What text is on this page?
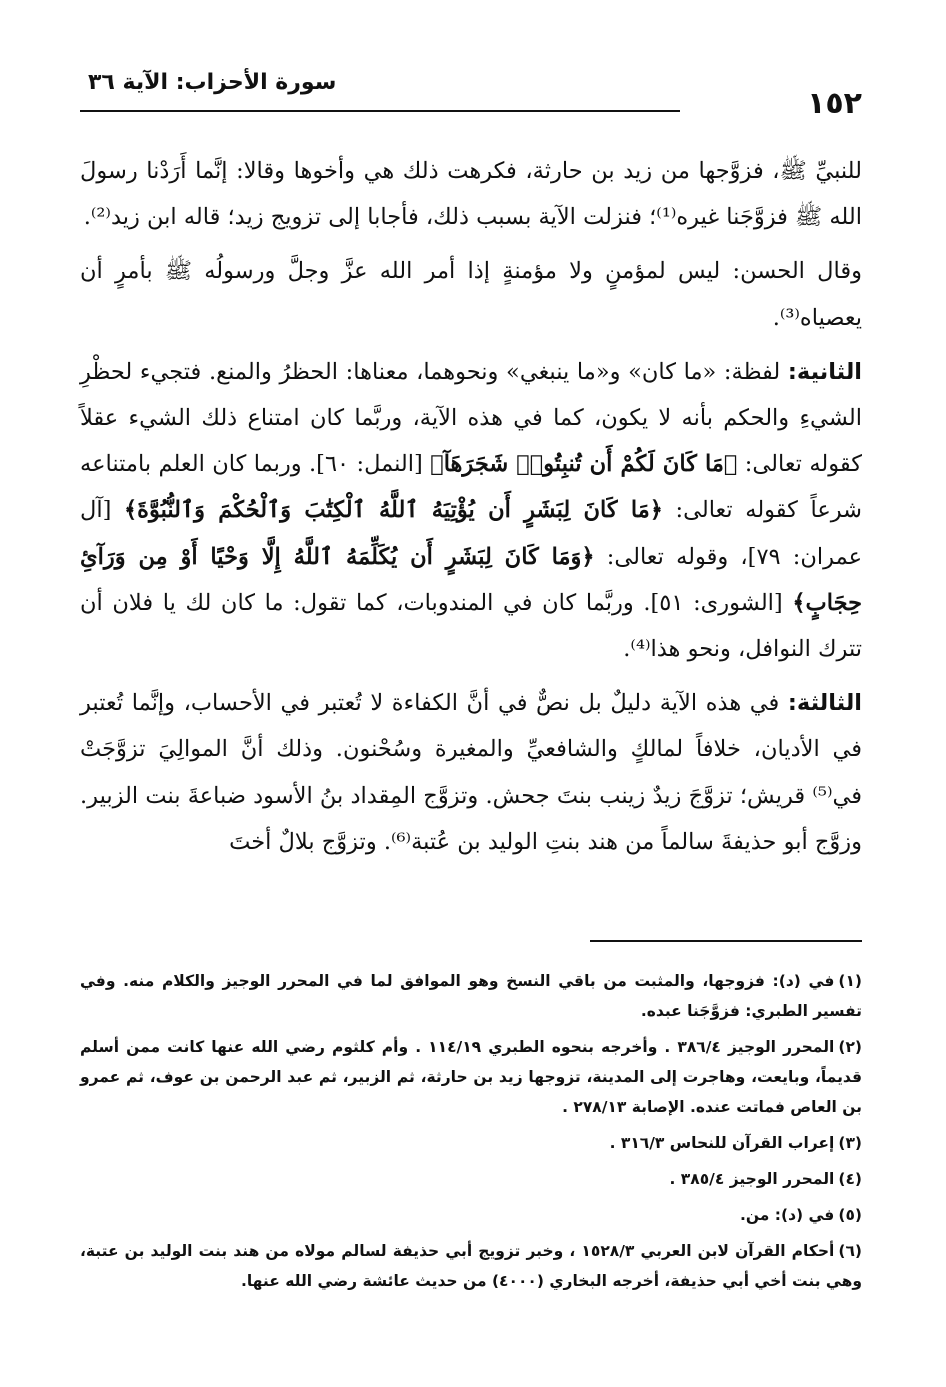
١٥٢
سورة الأحزاب: الآية ٣٦

للنبيِّ ﷺ، فزوَّجها من زيد بن حارثة، فكرهت ذلك هي وأخوها وقالا: إنَّما أَرَدْنا رسولَ الله ﷺ فزوَّجَنا غيره⁽¹⁾؛ فنزلت الآية بسبب ذلك، فأجابا إلى تزويج زيد؛ قاله ابن زيد⁽²⁾.

وقال الحسن: ليس لمؤمنٍ ولا مؤمنةٍ إذا أمر الله عزَّ وجلَّ ورسولُه ﷺ بأمرٍ أن يعصياه⁽³⁾.

الثانية: لفظة: «ما كان» و«ما ينبغي» ونحوهما، معناها: الحظرُ والمنع. فتجيء لحظْرِ الشيءِ والحكم بأنه لا يكون، كما في هذه الآية، وربَّما كان امتناع ذلك الشيء عقلاً كقوله تعالى: ﴿مَا كَانَ لَكُمْ أَن تُنبِتُوا۟ شَجَرَهَآ﴾ [النمل: ٦٠]. وربما كان العلم بامتناعه شرعاً كقوله تعالى: ﴿مَا كَانَ لِبَشَرٍ أَن يُؤْتِيَهُ ٱللَّهُ ٱلْكِتَٰبَ وَٱلْحُكْمَ وَٱلنُّبُوَّةَ﴾ [آل عمران: ٧٩]، وقوله تعالى: ﴿وَمَا كَانَ لِبَشَرٍ أَن يُكَلِّمَهُ ٱللَّهُ إِلَّا وَحْيًا أَوْ مِن وَرَآئِ حِجَابٍ﴾ [الشورى: ٥١]. وربَّما كان في المندوبات، كما تقول: ما كان لك يا فلان أن تترك النوافل، ونحو هذا⁽⁴⁾.

الثالثة: في هذه الآية دليلٌ بل نصٌّ في أنَّ الكفاءة لا تُعتبر في الأحساب، وإنَّما تُعتبر في الأديان، خلافاً لمالكٍ والشافعيِّ والمغيرة وسُحْنون. وذلك أنَّ الموالِيَ تزوَّجَتْ في⁽⁵⁾ قريش؛ تزوَّجَ زيدٌ زينب بنتَ جحش. وتزوَّج المِقداد بنُ الأسود ضباعةَ بنت الزبير. وزوَّج أبو حذيفةَ سالماً من هند بنتِ الوليد بن عُتبة⁽⁶⁾. وتزوَّج بلالٌ أختَ

(١)في (د): فزوجها، والمثبت من باقي النسخ وهو الموافق لما في المحرر الوجيز والكلام منه. وفي تفسير الطبري: فزوَّجَنا عبده.
(٢)المحرر الوجيز ٣٨٦/٤ . وأخرجه بنحوه الطبري ١١٤/١٩ . وأم كلثوم رضي الله عنها كانت ممن أسلم قديماً، وبايعت، وهاجرت إلى المدينة، تزوجها زيد بن حارثة، ثم الزبير، ثم عبد الرحمن بن عوف، ثم عمرو بن العاص فماتت عنده. الإصابة ٢٧٨/١٣ .
(٣)إعراب القرآن للنحاس ٣١٦/٣ .
(٤)المحرر الوجيز ٣٨٥/٤ .
(٥)في (د): من.
(٦)أحكام القرآن لابن العربي ١٥٢٨/٣ ، وخبر تزويج أبي حذيفة لسالم مولاه من هند بنت الوليد بن عتبة، وهي بنت أخي أبي حذيفة، أخرجه البخاري (٤٠٠٠) من حديث عائشة رضي الله عنها.
